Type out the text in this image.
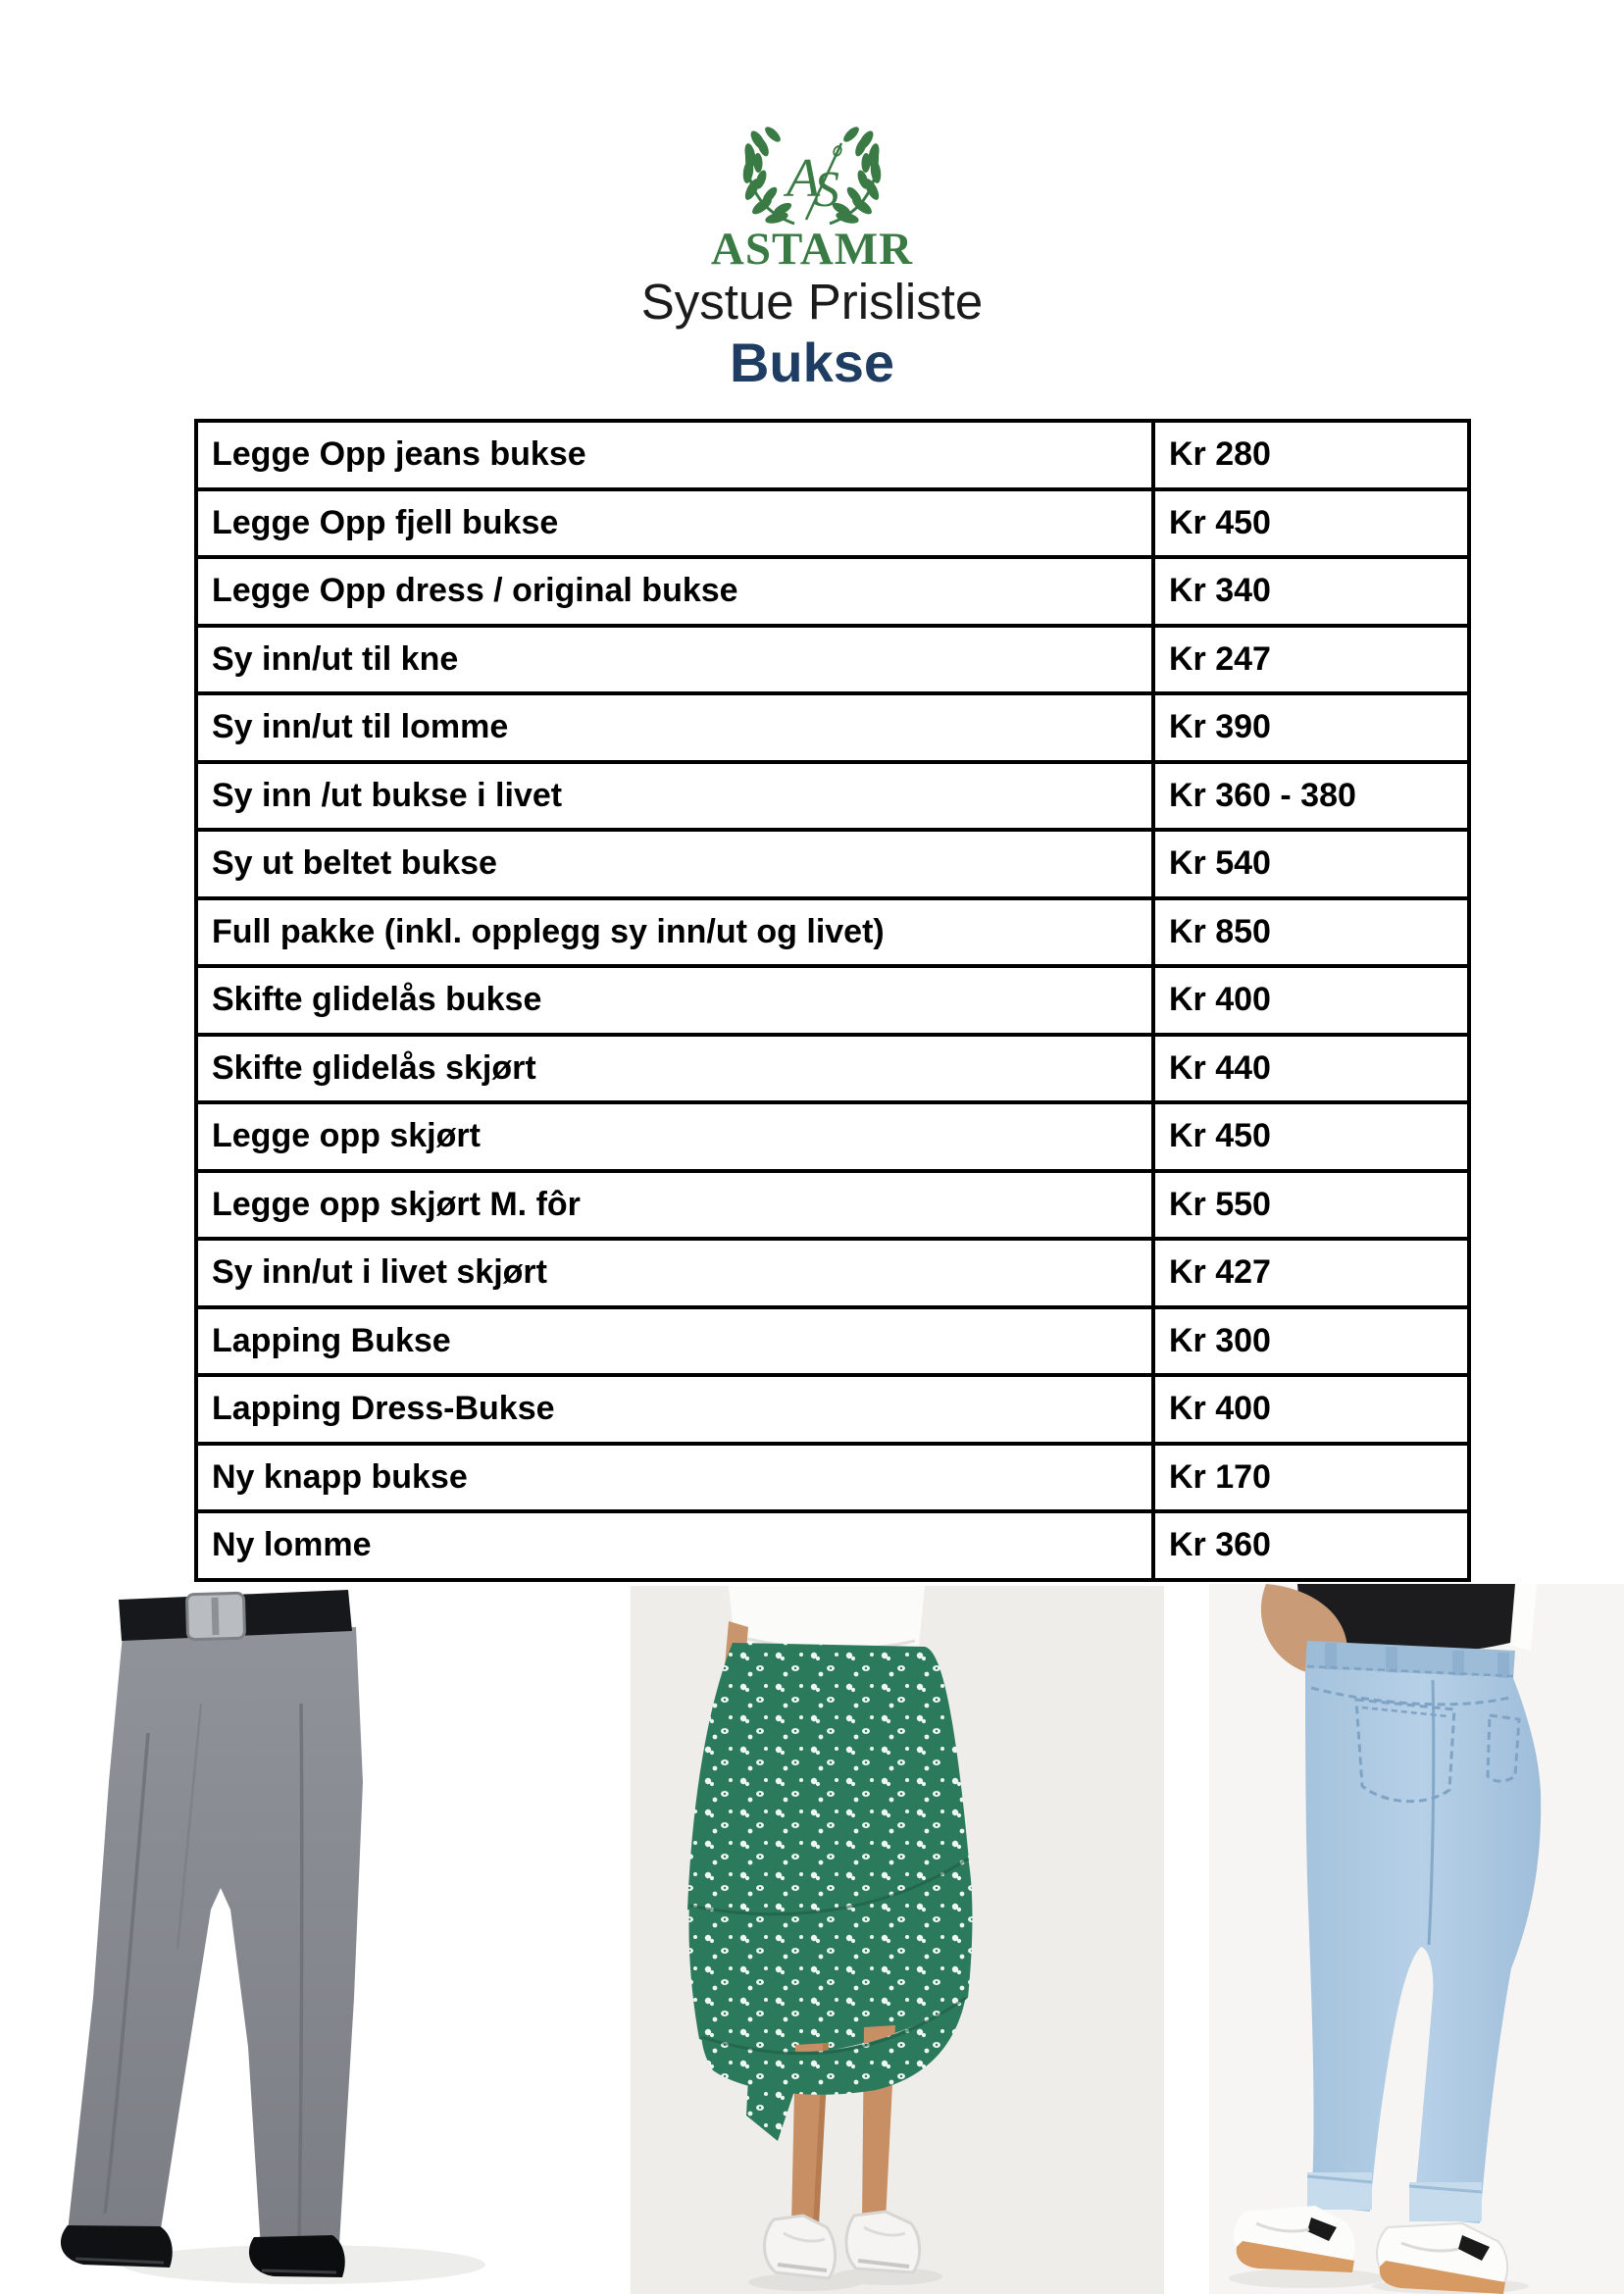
A
S
ASTAMR
Systue Prisliste
Bukse
Legge Opp jeans bukse	Kr 280
Legge Opp fjell bukse	Kr 450
Legge Opp dress / original bukse	Kr 340
Sy inn/ut til kne	Kr 247
Sy inn/ut til lomme	Kr 390
Sy inn /ut bukse i livet	Kr 360 - 380
Sy ut beltet bukse	Kr 540
Full pakke (inkl. opplegg sy inn/ut og livet)	Kr 850
Skifte glidelås bukse	Kr 400
Skifte glidelås skjørt	Kr 440
Legge opp skjørt	Kr 450
Legge opp skjørt M. fôr	Kr 550
Sy inn/ut i livet skjørt	Kr 427
Lapping Bukse	Kr 300
Lapping Dress-Bukse	Kr 400
Ny knapp bukse	Kr 170
Ny lomme	Kr 360
